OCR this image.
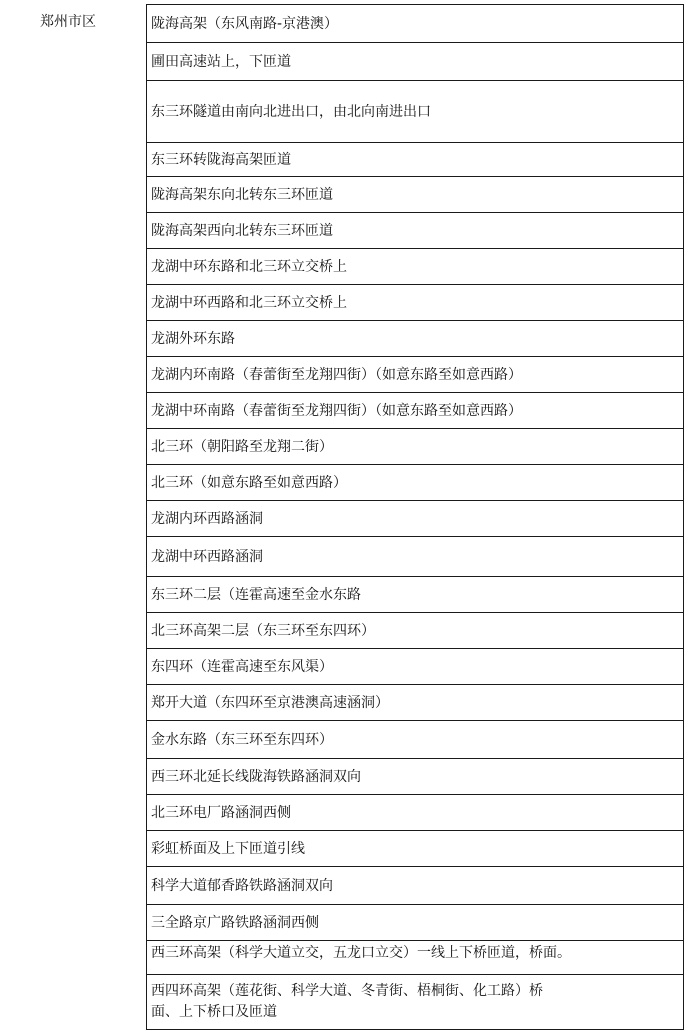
郑州市区	陇海高架（东风南路-京港澳）
圃田高速站上，下匝道
东三环隧道由南向北进出口，由北向南进出口
东三环转陇海高架匝道
陇海高架东向北转东三环匝道
陇海高架西向北转东三环匝道
龙湖中环东路和北三环立交桥上
龙湖中环西路和北三环立交桥上
龙湖外环东路
龙湖内环南路（春蕾街至龙翔四街）（如意东路至如意西路）
龙湖中环南路（春蕾街至龙翔四街）（如意东路至如意西路）
北三环（朝阳路至龙翔二街）
北三环（如意东路至如意西路）
龙湖内环西路涵洞
龙湖中环西路涵洞
东三环二层（连霍高速至金水东路
北三环高架二层（东三环至东四环）
东四环（连霍高速至东风渠）
郑开大道（东四环至京港澳高速涵洞）
金水东路（东三环至东四环）
西三环北延长线陇海铁路涵洞双向
北三环电厂路涵洞西侧
彩虹桥面及上下匝道引线
科学大道郁香路铁路涵洞双向
三全路京广路铁路涵洞西侧
西三环高架（科学大道立交，五龙口立交）一线上下桥匝道，桥面。
西四环高架（莲花街、科学大道、冬青街、梧桐街、化工路）桥面、上下桥口及匝道
